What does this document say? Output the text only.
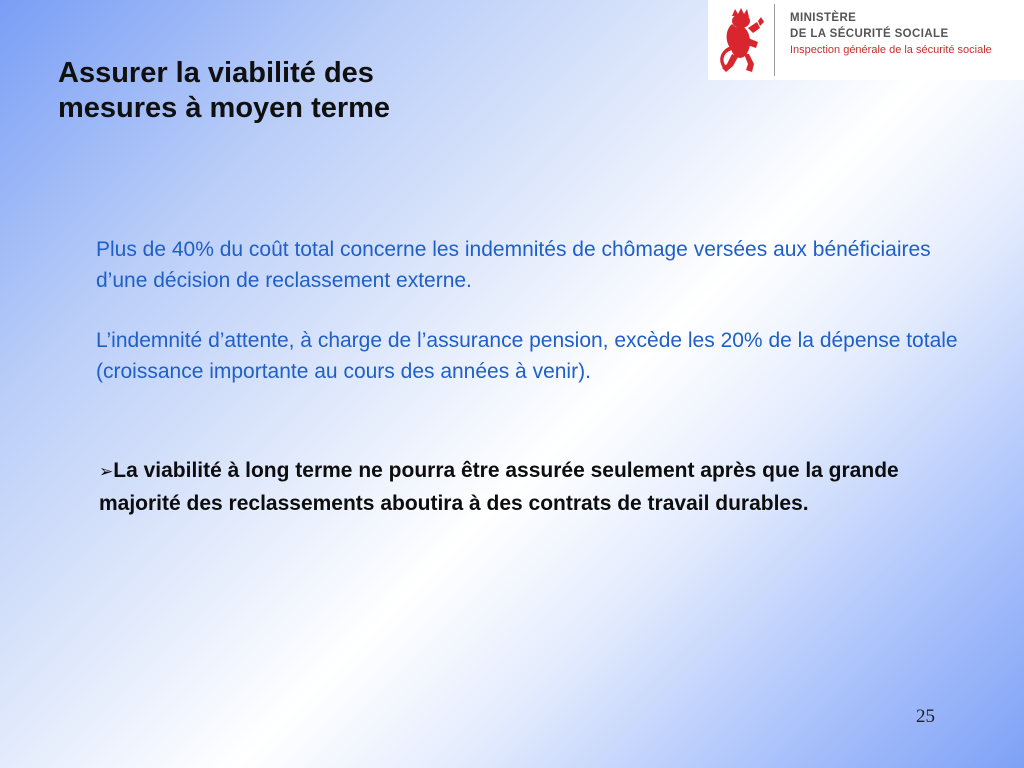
Assurer la viabilité des
mesures à moyen terme
MINISTÈRE
DE LA SÉCURITÉ SOCIALE
Inspection générale de la sécurité sociale

Plus de 40% du coût total concerne les indemnités de chômage versées aux bénéficiaires d’une décision de reclassement externe.

L’indemnité d’attente, à charge de l’assurance pension, excède les 20% de la dépense totale (croissance importante au cours des années à venir).

➢La viabilité à long terme ne pourra être assurée seulement après que la grande majorité des reclassements aboutira à des contrats de travail durables.

25
